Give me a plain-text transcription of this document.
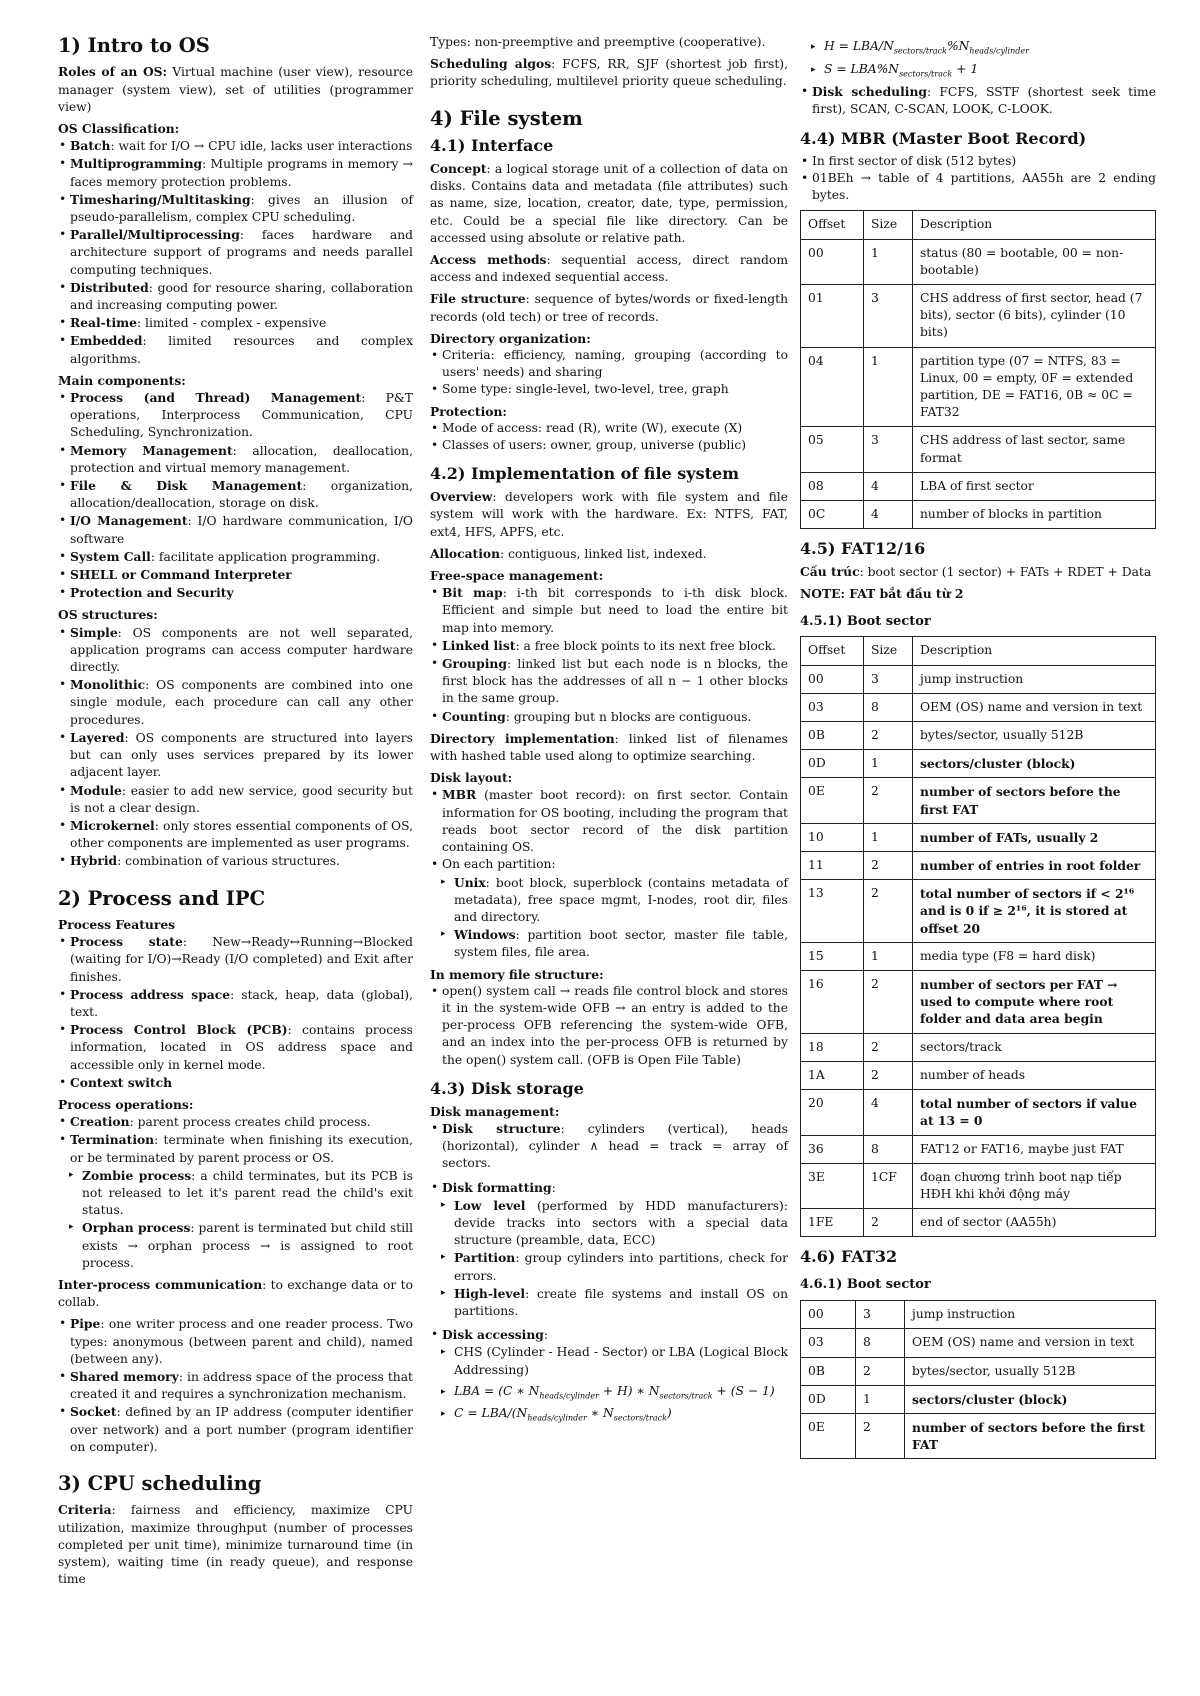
1) Intro to OS

Roles of an OS: Virtual machine (user view), resource manager (system view), set of utilities (programmer view)

OS Classification:

• Batch: wait for I/O → CPU idle, lacks user interactions
• Multiprogramming: Multiple programs in memory → faces memory protection problems.
• Timesharing/Multitasking: gives an illusion of pseudo-parallelism, complex CPU scheduling.
• Parallel/Multiprocessing: faces hardware and architecture support of programs and needs parallel computing techniques.
• Distributed: good for resource sharing, collaboration and increasing computing power.
• Real-time: limited - complex - expensive
• Embedded: limited resources and complex algorithms.

Main components:

• Process (and Thread) Management: P&T operations, Interprocess Communication, CPU Scheduling, Synchronization.
• Memory Management: allocation, deallocation, protection and virtual memory management.
• File & Disk Management: organization, allocation/deallocation, storage on disk.
• I/O Management: I/O hardware communication, I/O software
• System Call: facilitate application programming.
• SHELL or Command Interpreter
• Protection and Security

OS structures:

• Simple: OS components are not well separated, application programs can access computer hardware directly.
• Monolithic: OS components are combined into one single module, each procedure can call any other procedures.
• Layered: OS components are structured into layers but can only uses services prepared by its lower adjacent layer.
• Module: easier to add new service, good security but is not a clear design.
• Microkernel: only stores essential components of OS, other components are implemented as user programs.
• Hybrid: combination of various structures.
2) Process and IPC

Process Features

• Process state: New→Ready↔Running→Blocked (waiting for I/O)→Ready (I/O completed) and Exit after finishes.
• Process address space: stack, heap, data (global), text.
• Process Control Block (PCB): contains process information, located in OS address space and accessible only in kernel mode.
• Context switch

Process operations:

• Creation: parent process creates child process.
• Termination: terminate when finishing its execution, or be terminated by parent process or OS.
▸ Zombie process: a child terminates, but its PCB is not released to let it's parent read the child's exit status.
▸ Orphan process: parent is terminated but child still exists → orphan process → is assigned to root process.

Inter-process communication: to exchange data or to collab.

• Pipe: one writer process and one reader process. Two types: anonymous (between parent and child), named (between any).
• Shared memory: in address space of the process that created it and requires a synchronization mechanism.
• Socket: defined by an IP address (computer identifier over network) and a port number (program identifier on computer).
3) CPU scheduling

Criteria: fairness and efficiency, maximize CPU utilization, maximize throughput (number of processes completed per unit time), minimize turnaround time (in system), waiting time (in ready queue), and response time

Types: non-preemptive and preemptive (cooperative).

Scheduling algos: FCFS, RR, SJF (shortest job first), priority scheduling, multilevel priority queue scheduling.

4) File system
4.1) Interface

Concept: a logical storage unit of a collection of data on disks. Contains data and metadata (file attributes) such as name, size, location, creator, date, type, permission, etc. Could be a special file like directory. Can be accessed using absolute or relative path.

Access methods: sequential access, direct random access and indexed sequential access.

File structure: sequence of bytes/words or fixed-length records (old tech) or tree of records.

Directory organization:

• Criteria: efficiency, naming, grouping (according to users' needs) and sharing
• Some type: single-level, two-level, tree, graph

Protection:

• Mode of access: read (R), write (W), execute (X)
• Classes of users: owner, group, universe (public)
4.2) Implementation of file system

Overview: developers work with file system and file system will work with the hardware. Ex: NTFS, FAT, ext4, HFS, APFS, etc.

Allocation: contiguous, linked list, indexed.

Free-space management:

• Bit map: i-th bit corresponds to i-th disk block. Efficient and simple but need to load the entire bit map into memory.
• Linked list: a free block points to its next free block.
• Grouping: linked list but each node is n blocks, the first block has the addresses of all n − 1 other blocks in the same group.
• Counting: grouping but n blocks are contiguous.

Directory implementation: linked list of filenames with hashed table used along to optimize searching.

Disk layout:

• MBR (master boot record): on first sector. Contain information for OS booting, including the program that reads boot sector record of the disk partition containing OS.
• On each partition:
▸ Unix: boot block, superblock (contains metadata of metadata), free space mgmt, I-nodes, root dir, files and directory.
▸ Windows: partition boot sector, master file table, system files, file area.

In memory file structure:

• open() system call → reads file control block and stores it in the system-wide OFB → an entry is added to the per-process OFB referencing the system-wide OFB, and an index into the per-process OFB is returned by the open() system call. (OFB is Open File Table)
4.3) Disk storage

Disk management:

• Disk structure: cylinders (vertical), heads (horizontal), cylinder ∧ head = track = array of sectors.
• Disk formatting:
▸ Low level (performed by HDD manufacturers): devide tracks into sectors with a special data structure (preamble, data, ECC)
▸ Partition: group cylinders into partitions, check for errors.
▸ High-level: create file systems and install OS on partitions.
• Disk accessing:
▸ CHS (Cylinder - Head - Sector) or LBA (Logical Block Addressing)
▸ LBA = (C ∗ $N_{heads/cylinder} + H$) ∗ $N_{sectors/track} + (S - 1)$
▸ C = LBA/($N_{heads/cylinder}$ ∗ $N_{sectors/track}$)
▸ H = LBA/$N_{sectors/track}\%N_{heads/cylinder}$
▸ $S = LBA\%N_{sectors/track} + 1$
• Disk scheduling: FCFS, SSTF (shortest seek time first), SCAN, C-SCAN, LOOK, C-LOOK.
4.4) MBR (Master Boot Record)
• In first sector of disk (512 bytes)
• 01BEh → table of 4 partitions, AA55h are 2 ending bytes.
Offset	Size	Description
00	1	status (80 = bootable, 00 = non-bootable)
01	3	CHS address of first sector, head (7 bits), sector (6 bits), cylinder (10 bits)
04	1	partition type (07 = NTFS, 83 = Linux, 00 = empty, 0F = extended partition, DE = FAT16, 0B ≈ 0C = FAT32
05	3	CHS address of last sector, same format
08	4	LBA of first sector
0C	4	number of blocks in partition
4.5) FAT12/16

Cấu trúc: boot sector (1 sector) + FATs + RDET + Data

NOTE: FAT bắt đầu từ 2

4.5.1) Boot sector
Offset	Size	Description
00	3	jump instruction
03	8	OEM (OS) name and version in text
0B	2	bytes/sector, usually 512B
0D	1	sectors/cluster (block)
0E	2	number of sectors before the first FAT
10	1	number of FATs, usually 2
11	2	number of entries in root folder
13	2	total number of sectors if < 2¹⁶ and is 0 if ≥ 2¹⁶, it is stored at offset 20
15	1	media type (F8 = hard disk)
16	2	number of sectors per FAT → used to compute where root folder and data area begin
18	2	sectors/track
1A	2	number of heads
20	4	total number of sectors if value at 13 = 0
36	8	FAT12 or FAT16, maybe just FAT
3E	1CF	đoạn chương trình boot nạp tiếp HĐH khi khởi động máy
1FE	2	end of sector (AA55h)
4.6) FAT32
4.6.1) Boot sector
00	3	jump instruction
03	8	OEM (OS) name and version in text
0B	2	bytes/sector, usually 512B
0D	1	sectors/cluster (block)
0E	2	number of sectors before the first FAT
